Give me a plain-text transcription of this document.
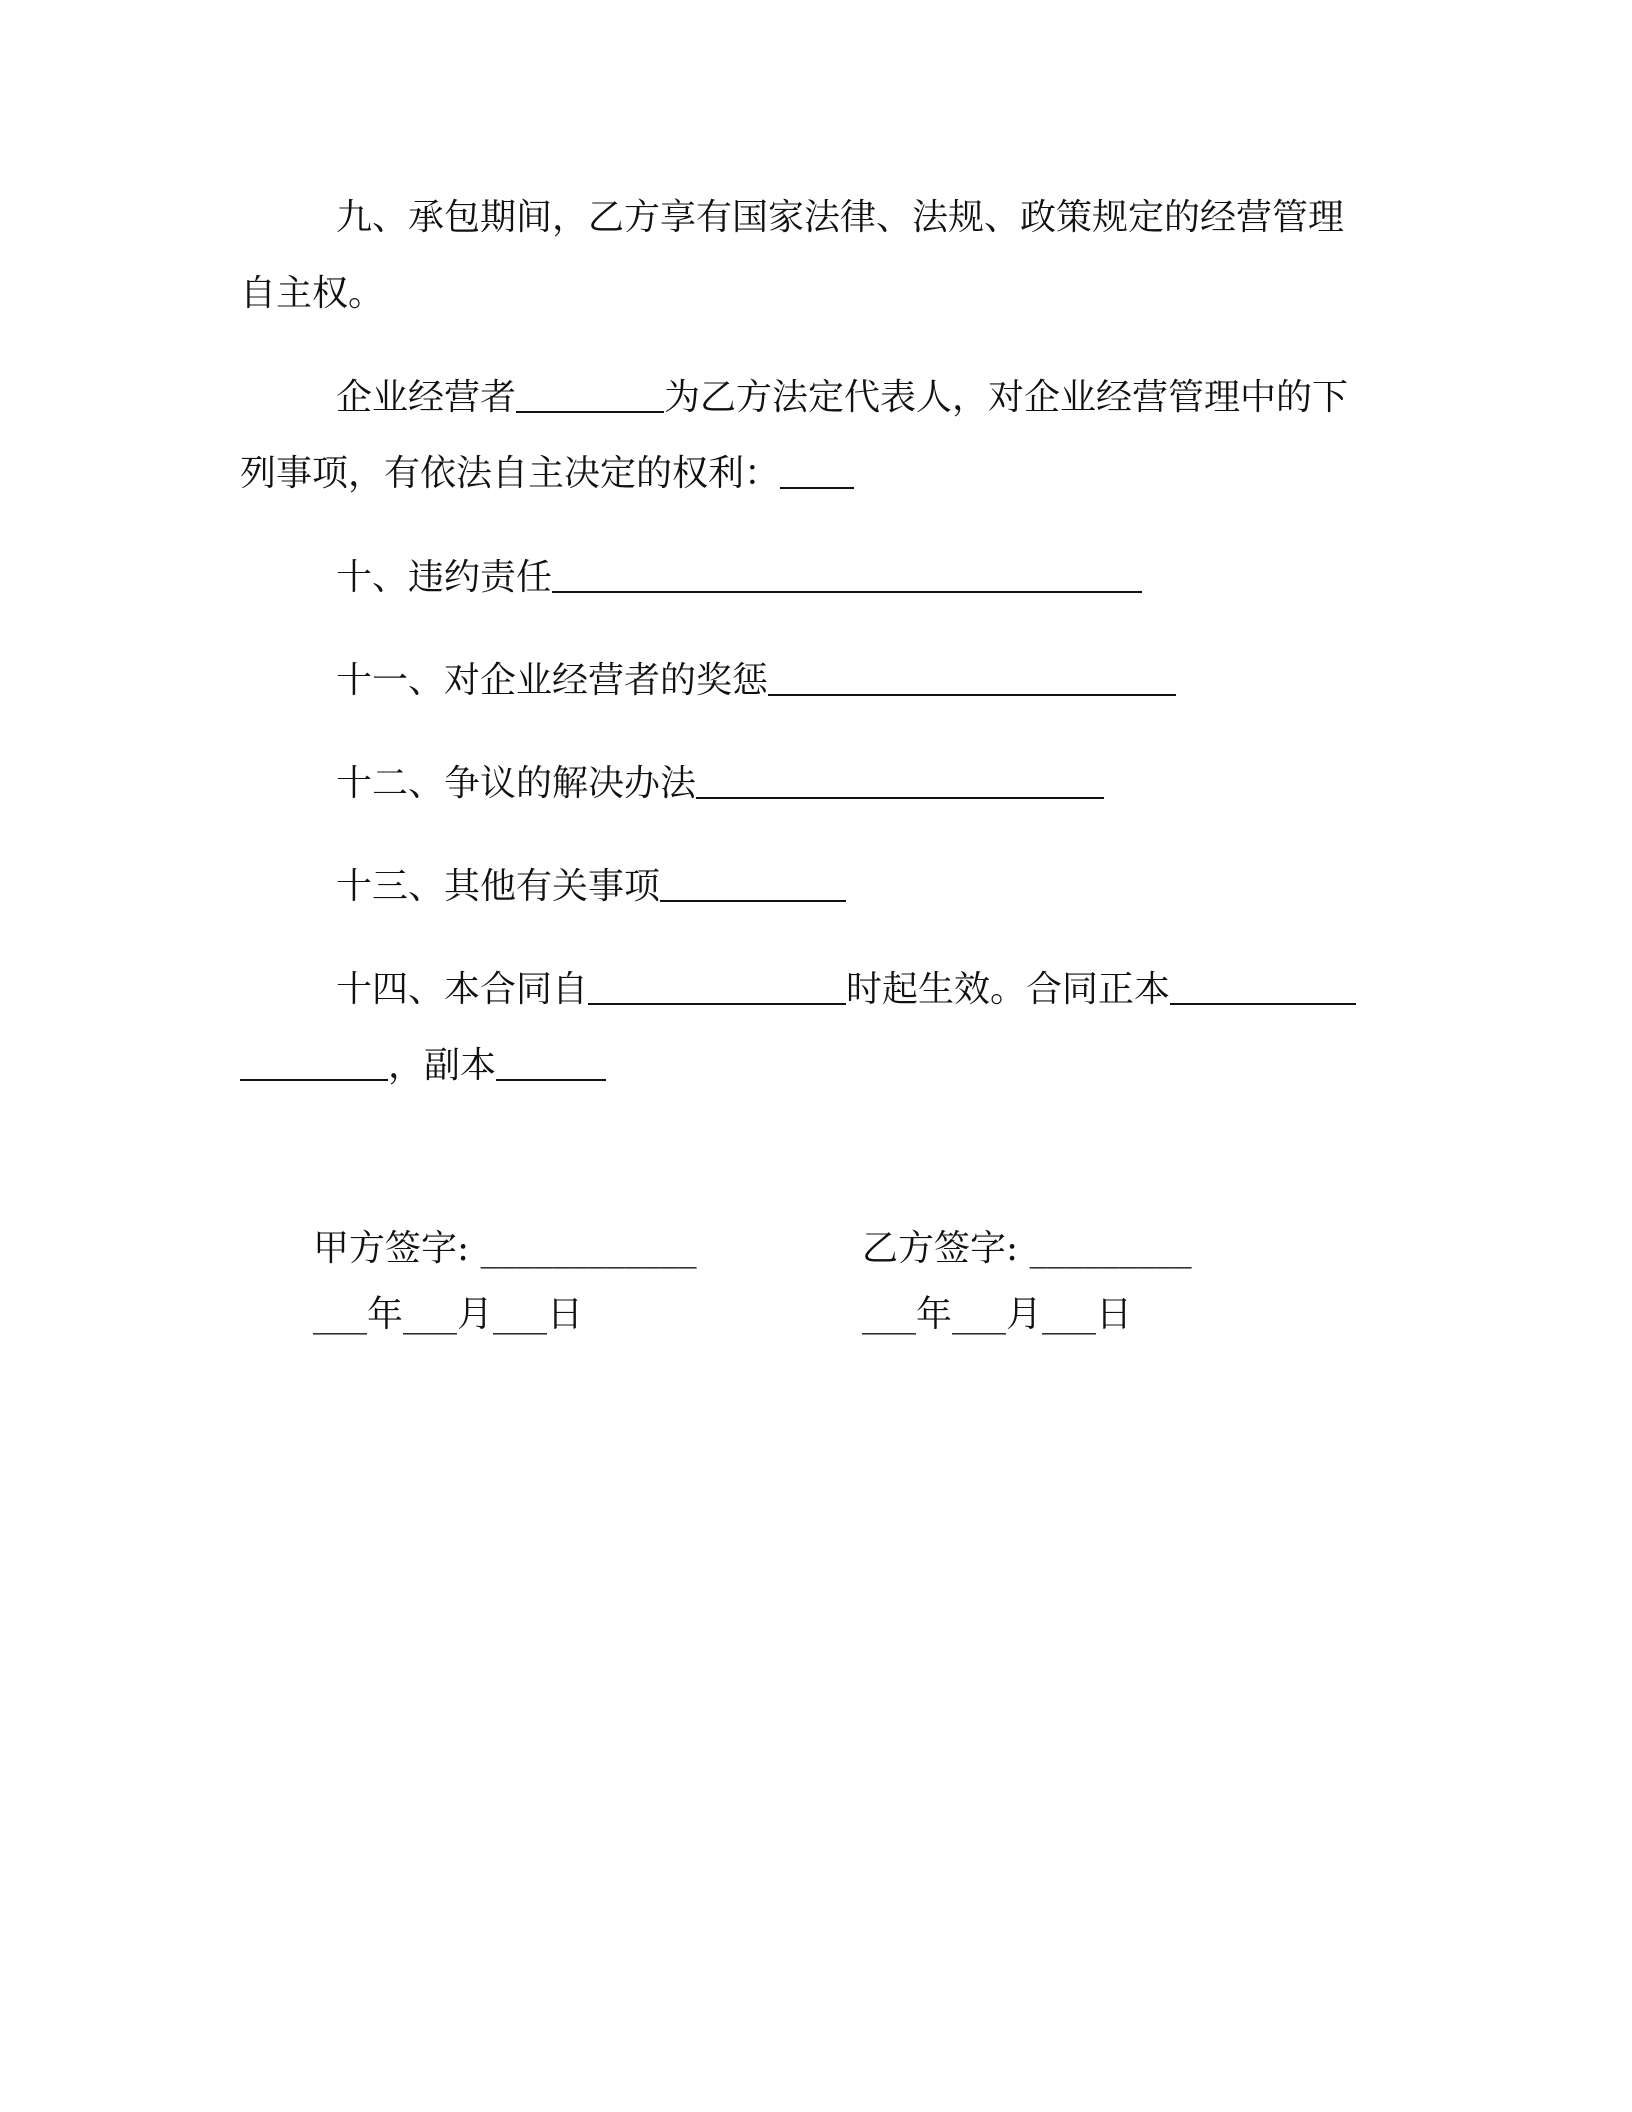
九、承包期间，乙方享有国家法律、法规、政策规定的经营管理
自主权。
企业经营者	为乙方法定代表人，对企业经营管理中的下
列事项，有依法自主决定的权利：
十、违约责任
十一、对企业经营者的奖惩
十二、争议的解决办法
十三、其他有关事项
十四、本合同自	时起生效。合同正本
，副本
甲方签字: ____________
___年___月___日
乙方签字: _________
___年___月___日
